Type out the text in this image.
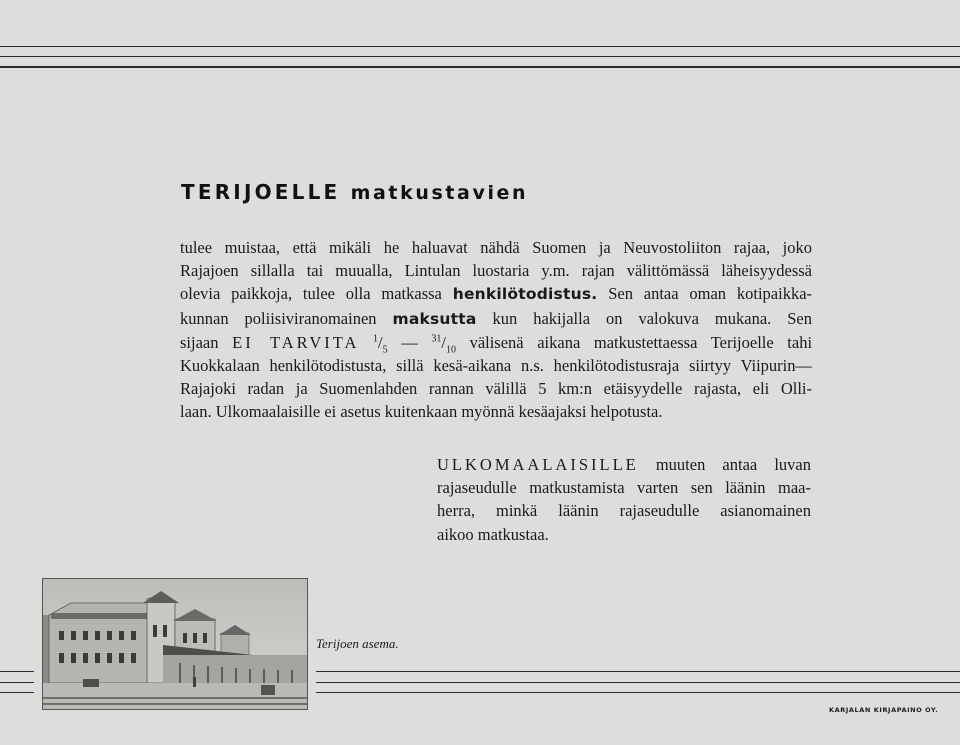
TERIJOELLE matkustavien
tulee muistaa, että mikäli he haluavat nähdä Suomen ja Neuvostoliiton rajaa, joko
Rajajoen sillalla tai muualla, Lintulan luostaria y.m. rajan välittömässä läheisyydessä
olevia paikkoja, tulee olla matkassa henkilötodistus. Sen antaa oman kotipaikka-
kunnan poliisiviranomainen maksutta kun hakijalla on valokuva mukana. Sen
sijaan EI TARVITA $^1/_5$ — $^{31}/_{10}$ välisenä aikana matkustettaessa Terijoelle tahi
Kuokkalaan henkilötodistusta, sillä kesä-aikana n.s. henkilötodistusraja siirtyy Viipurin—
Rajajoki radan ja Suomenlahden rannan välillä 5 km:n etäisyydelle rajasta, eli Olli-
laan. Ulkomaalaisille ei asetus kuitenkaan myönnä kesäajaksi helpotusta.
ULKOMAALAISILLE muuten antaa luvan
rajaseudulle matkustamista varten sen läänin maa-
herra, minkä läänin rajaseudulle asianomainen
aikoo matkustaa.
Terijoen asema.
KARJALAN KIRJAPAINO OY.
